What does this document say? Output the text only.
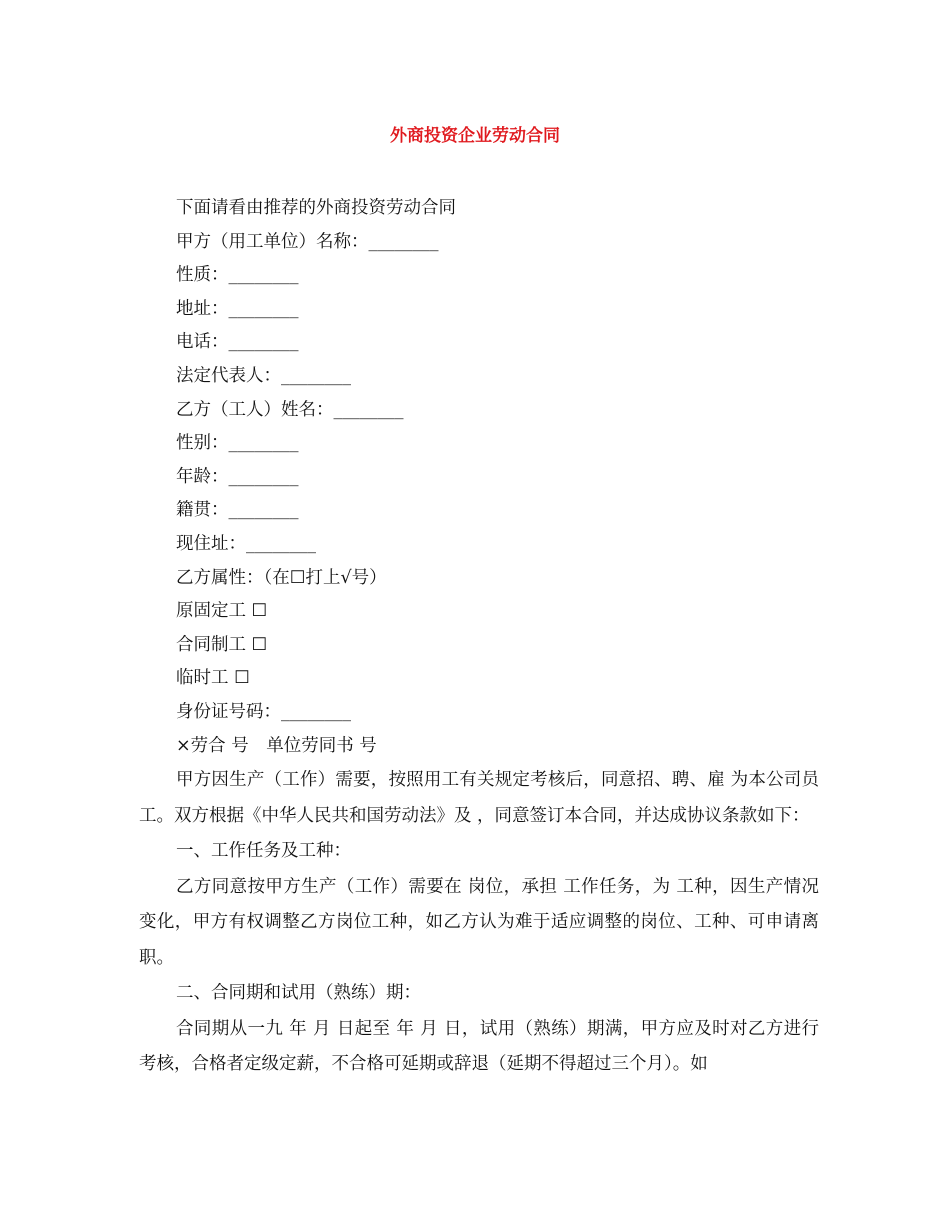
外商投资企业劳动合同
下面请看由推荐的外商投资劳动合同
甲方（用工单位）名称：________
性质：________
地址：________
电话：________
法定代表人：________
乙方（工人）姓名：________
性别：________
年龄：________
籍贯：________
现住址：________
乙方属性：（在☐打上√号）
原固定工 ☐
合同制工 ☐
临时工 ☐
身份证号码：________
×劳合 号　单位劳同书 号

甲方因生产（工作）需要，按照用工有关规定考核后，同意招、聘、雇 为本公司员工。双方根据《中华人民共和国劳动法》及 ，同意签订本合同，并达成协议条款如下：

一、工作任务及工种：

乙方同意按甲方生产（工作）需要在 岗位，承担 工作任务，为 工种，因生产情况变化，甲方有权调整乙方岗位工种，如乙方认为难于适应调整的岗位、工种、可申请离职。

二、合同期和试用（熟练）期：

合同期从一九 年 月 日起至 年 月 日，试用（熟练）期满，甲方应及时对乙方进行考核，合格者定级定薪，不合格可延期或辞退（延期不得超过三个月）。如
